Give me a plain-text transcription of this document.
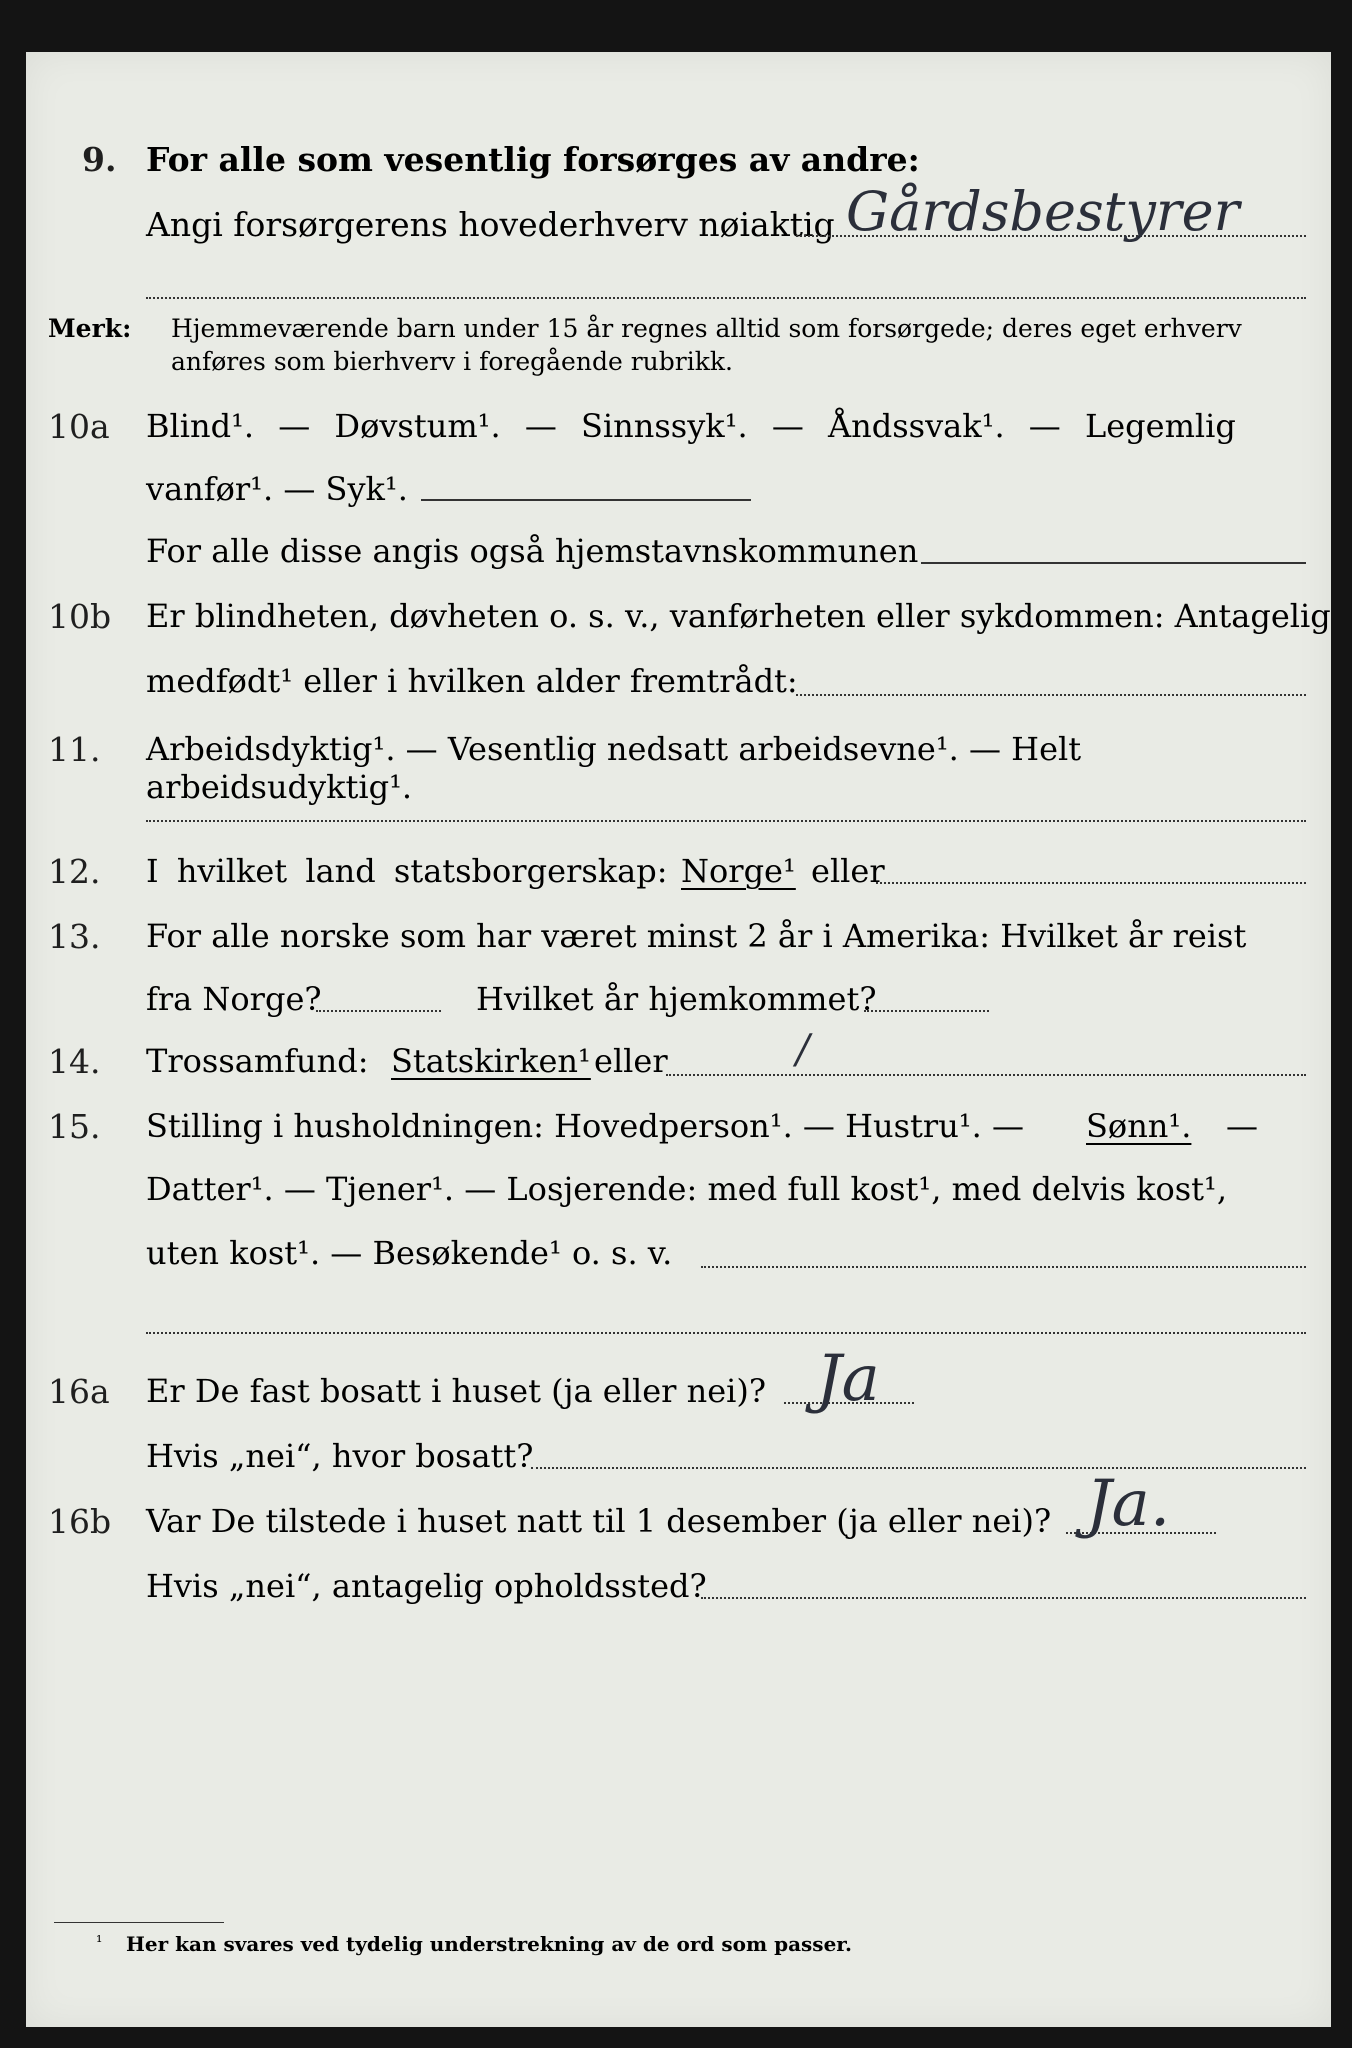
9. For alle som vesentlig forsørges av andre:
Angi forsørgerens hovederhverv nøiaktig Gårdsbestyrer
Merk: Hjemmeværende barn under 15 år regnes alltid som forsørgede; deres eget erhverv
anføres som bierhverv i foregående rubrikk.
10a Blind¹. — Døvstum¹. — Sinnssyk¹. — Åndssvak¹. — Legemlig
vanfør¹. — Syk¹.
For alle disse angis også hjemstavnskommunen
10b Er blindheten, døvheten o. s. v., vanførheten eller sykdommen: Antagelig
medfødt¹ eller i hvilken alder fremtrådt:
11. Arbeidsdyktig¹. — Vesentlig nedsatt arbeidsevne¹. — Helt arbeidsudyktig¹.
12. I hvilket land statsborgerskap: Norge¹ eller
13. For alle norske som har været minst 2 år i Amerika: Hvilket år reist
fra Norge?	Hvilket år hjemkommet?
14. Trossamfund: Statskirken¹ eller	/
15. Stilling i husholdningen: Hovedperson¹. — Hustru¹. — Sønn¹. —
Datter¹. — Tjener¹. — Losjerende: med full kost¹, med delvis kost¹,
uten kost¹. — Besøkende¹ o. s. v.
16a Er De fast bosatt i huset (ja eller nei)? Ja
Hvis „nei“, hvor bosatt?
16b Var De tilstede i huset natt til 1 desember (ja eller nei)? Ja.
Hvis „nei“, antagelig opholdssted?
¹ Her kan svares ved tydelig understrekning av de ord som passer.
